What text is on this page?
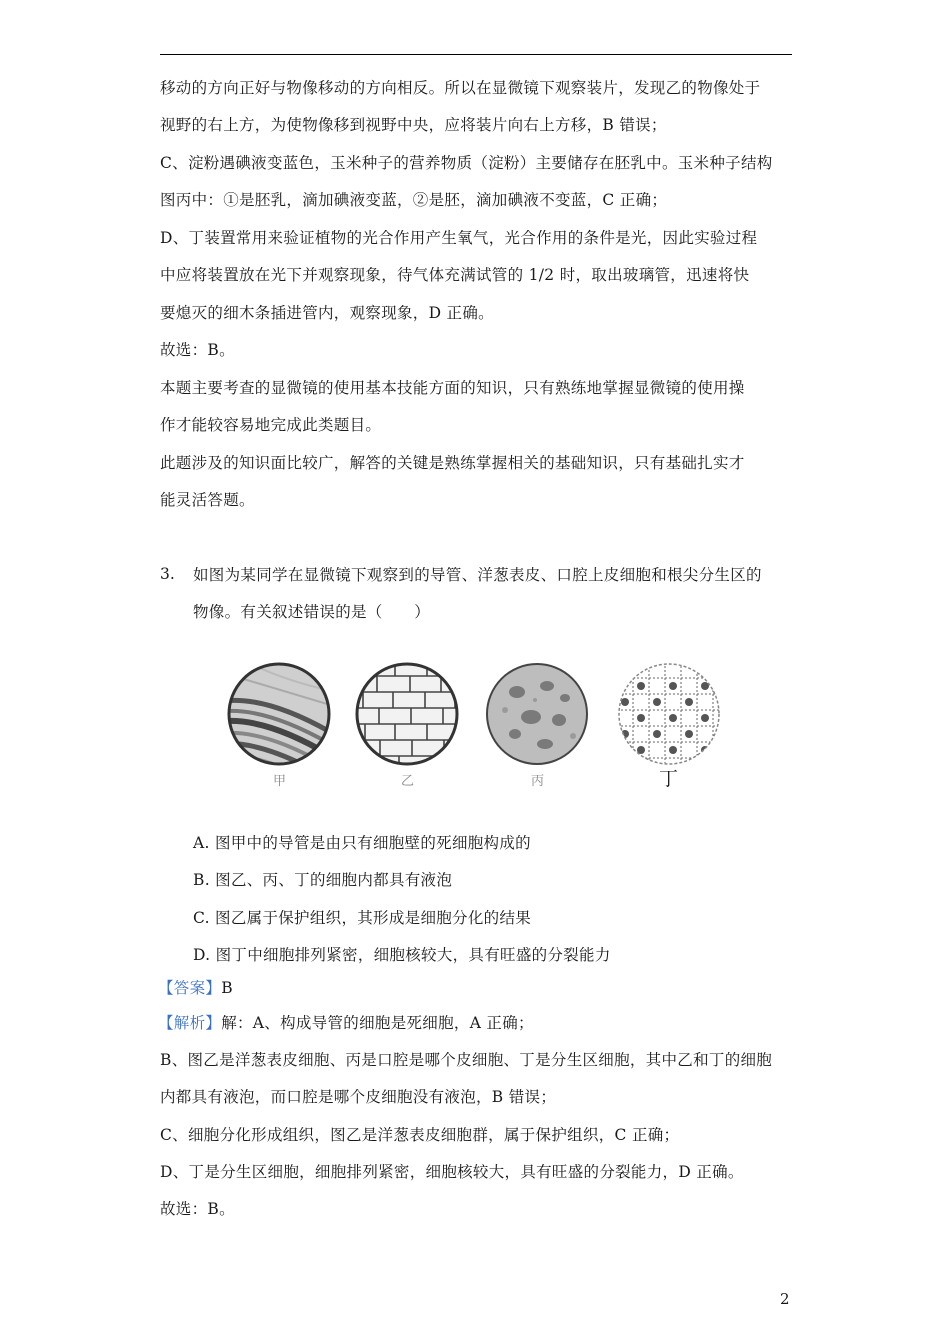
移动的方向正好与物像移动的方向相反。所以在显微镜下观察装片，发现乙的物像处于
视野的右上方，为使物像移到视野中央，应将装片向右上方移，B 错误；
C、淀粉遇碘液变蓝色，玉米种子的营养物质（淀粉）主要储存在胚乳中。玉米种子结构
图丙中：①是胚乳，滴加碘液变蓝，②是胚，滴加碘液不变蓝，C 正确；
D、丁装置常用来验证植物的光合作用产生氧气，光合作用的条件是光，因此实验过程
中应将装置放在光下并观察现象，待气体充满试管的 1/2 时，取出玻璃管，迅速将快
要熄灭的细木条插进管内，观察现象，D 正确。
故选：B。
本题主要考查的显微镜的使用基本技能方面的知识，只有熟练地掌握显微镜的使用操
作才能较容易地完成此类题目。
此题涉及的知识面比较广，解答的关键是熟练掌握相关的基础知识，只有基础扎实才
能灵活答题。
3. 如图为某同学在显微镜下观察到的导管、洋葱表皮、口腔上皮细胞和根尖分生区的
物像。有关叙述错误的是（　　）
甲	乙	丙	丁
A. 图甲中的导管是由只有细胞壁的死细胞构成的
B. 图乙、丙、丁的细胞内都具有液泡
C. 图乙属于保护组织，其形成是细胞分化的结果
D. 图丁中细胞排列紧密，细胞核较大，具有旺盛的分裂能力
【答案】B
【解析】解：A、构成导管的细胞是死细胞，A 正确；
B、图乙是洋葱表皮细胞、丙是口腔是哪个皮细胞、丁是分生区细胞，其中乙和丁的细胞
内都具有液泡，而口腔是哪个皮细胞没有液泡，B 错误；
C、细胞分化形成组织，图乙是洋葱表皮细胞群，属于保护组织，C 正确；
D、丁是分生区细胞，细胞排列紧密，细胞核较大，具有旺盛的分裂能力，D 正确。
故选：B。
2
